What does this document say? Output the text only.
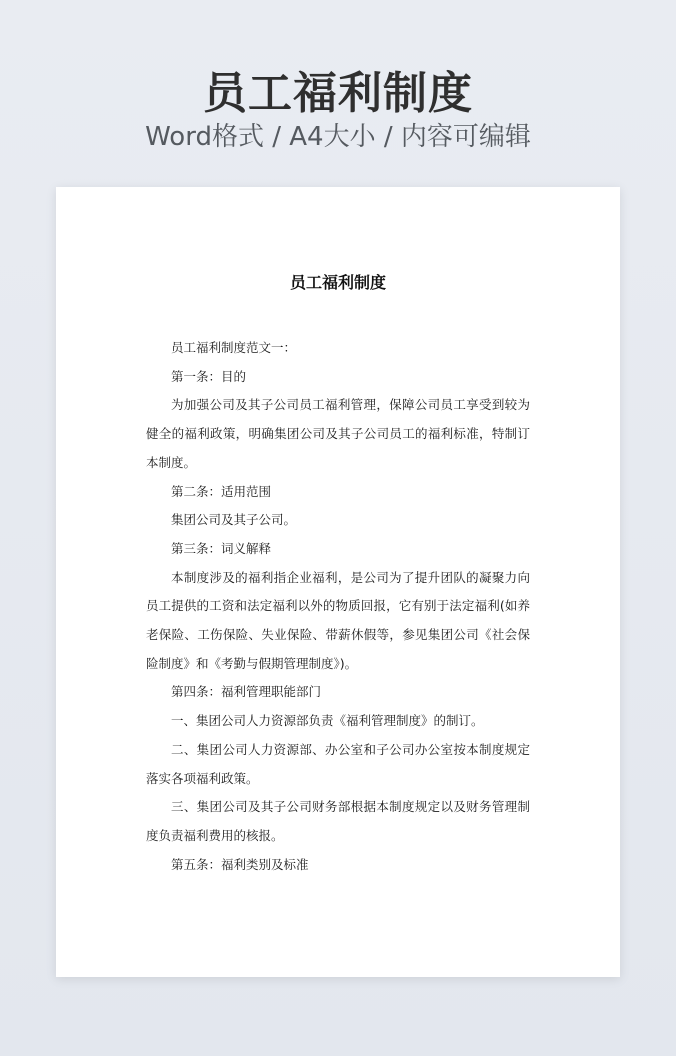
员工福利制度
Word格式 / A4大小 / 内容可编辑
员工福利制度

员工福利制度范文一：

第一条：目的

为加强公司及其子公司员工福利管理，保障公司员工享受到较为健全的福利政策，明确集团公司及其子公司员工的福利标准，特制订本制度。

第二条：适用范围

集团公司及其子公司。

第三条：词义解释

本制度涉及的福利指企业福利，是公司为了提升团队的凝聚力向员工提供的工资和法定福利以外的物质回报，它有别于法定福利(如养老保险、工伤保险、失业保险、带薪休假等，参见集团公司《社会保险制度》和《考勤与假期管理制度》)。

第四条：福利管理职能部门

一、集团公司人力资源部负责《福利管理制度》的制订。

二、集团公司人力资源部、办公室和子公司办公室按本制度规定落实各项福利政策。

三、集团公司及其子公司财务部根据本制度规定以及财务管理制度负责福利费用的核报。

第五条：福利类别及标准
